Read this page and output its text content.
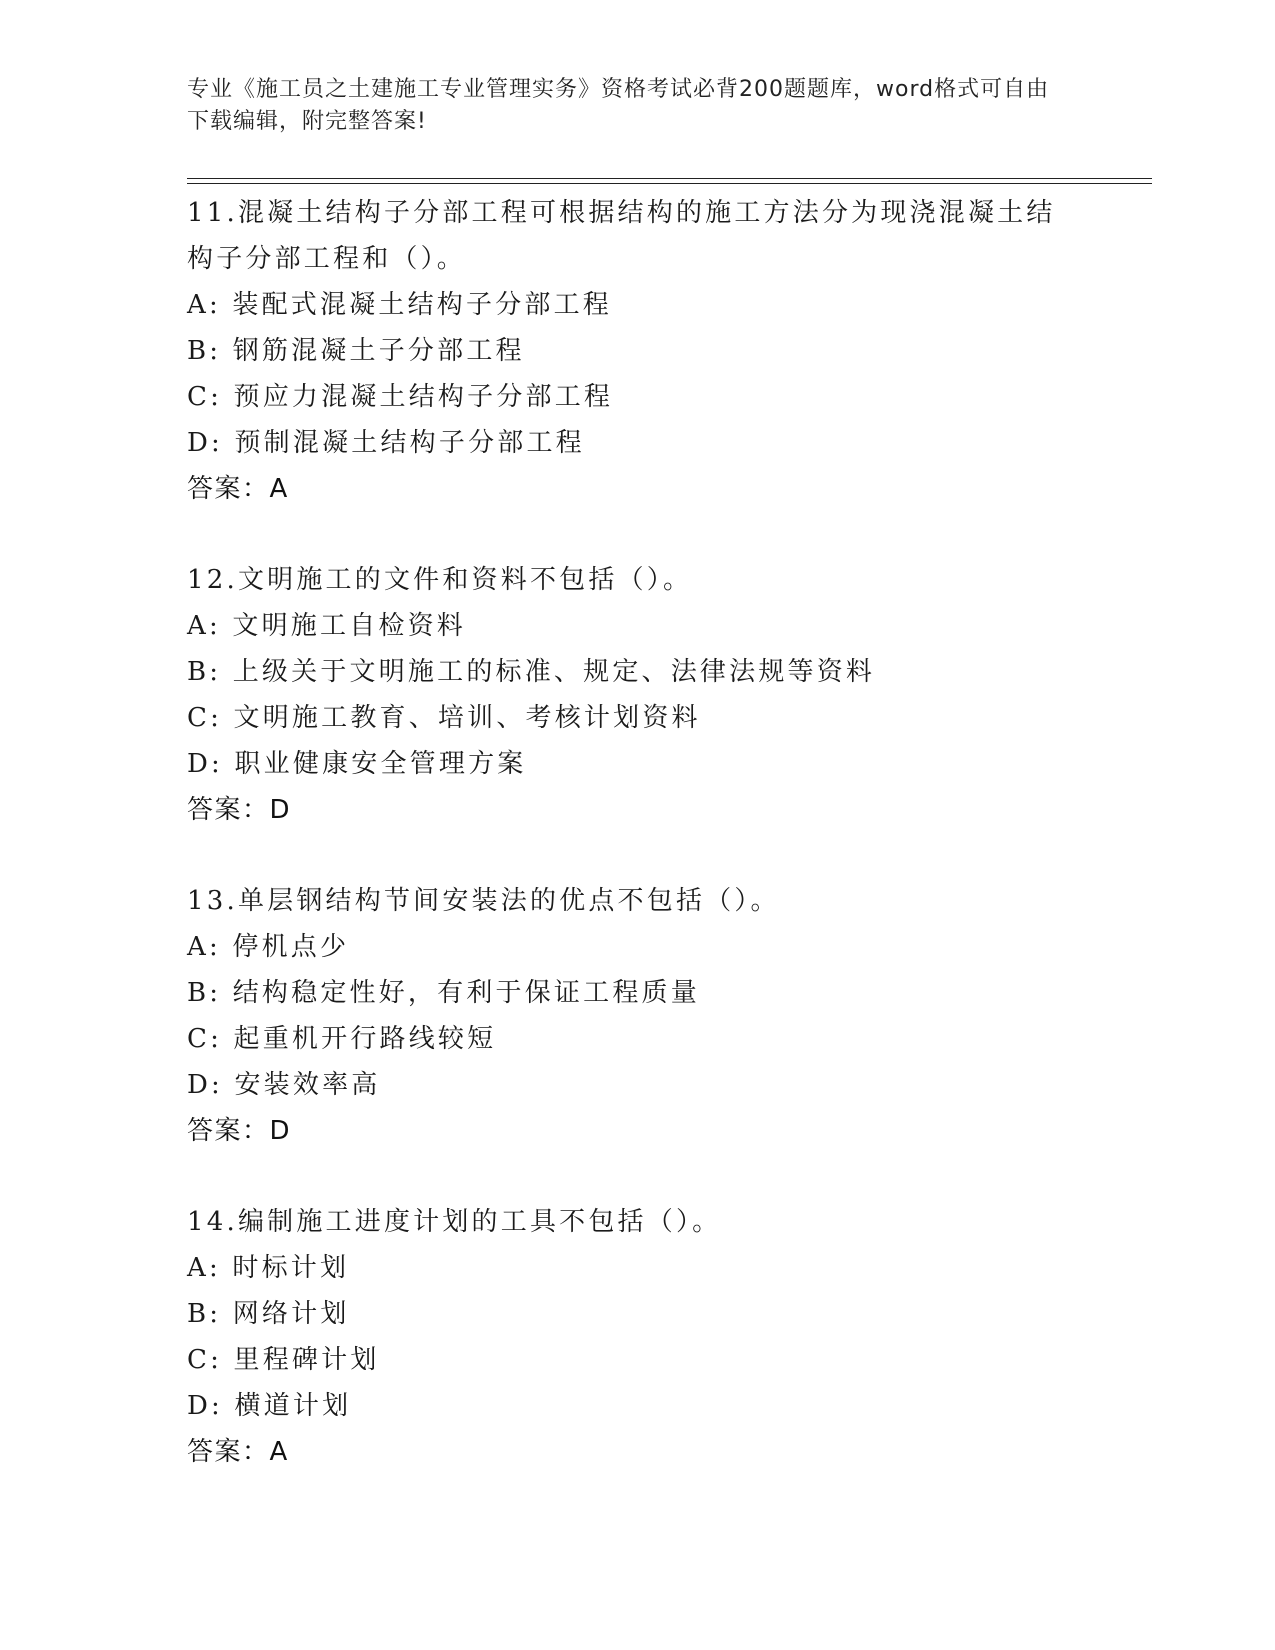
专业《施工员之土建施工专业管理实务》资格考试必背200题题库，word格式可自由下载编辑，附完整答案!
11.混凝土结构子分部工程可根据结构的施工方法分为现浇混凝土结构子分部工程和（）。
A: 装配式混凝土结构子分部工程
B: 钢筋混凝土子分部工程
C: 预应力混凝土结构子分部工程
D: 预制混凝土结构子分部工程
答案：A
12.文明施工的文件和资料不包括（）。
A: 文明施工自检资料
B: 上级关于文明施工的标准、规定、法律法规等资料
C: 文明施工教育、培训、考核计划资料
D: 职业健康安全管理方案
答案：D
13.单层钢结构节间安装法的优点不包括（）。
A: 停机点少
B: 结构稳定性好，有利于保证工程质量
C: 起重机开行路线较短
D: 安装效率高
答案：D
14.编制施工进度计划的工具不包括（）。
A: 时标计划
B: 网络计划
C: 里程碑计划
D: 横道计划
答案：A
